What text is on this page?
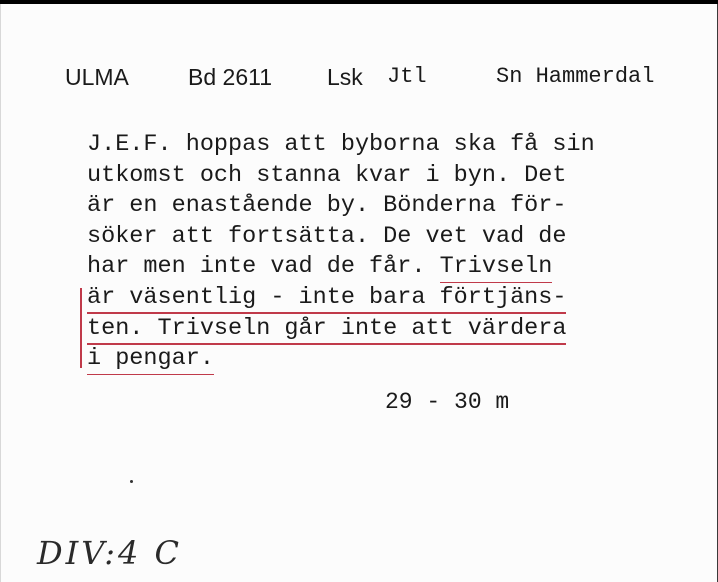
ULMA	Bd 2611 Lsk Jtl	Sn Hammerdal

J.E.F. hoppas att byborna ska få sin
utkomst och stanna kvar i byn. Det
är en enastående by. Bönderna för-
söker att fortsätta. De vet vad de
har men inte vad de får. Trivseln
är väsentlig - inte bara förtjäns-
ten. Trivseln går inte att värdera
i pengar.

29 - 30 m
DIV:4 C
